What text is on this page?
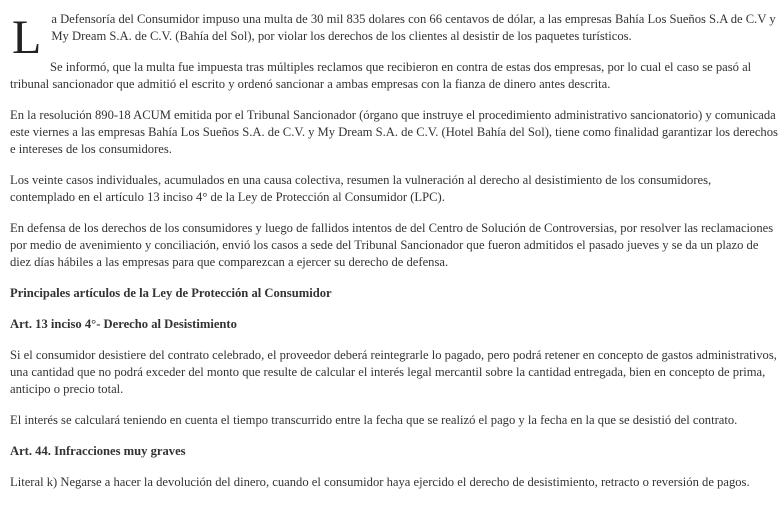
La Defensoría del Consumidor impuso una multa de 30 mil 835 dolares con 66 centavos de dólar, a las empresas Bahía Los Sueños S.A de C.V y My Dream S.A. de C.V. (Bahía del Sol), por violar los derechos de los clientes al desistir de los paquetes turísticos.

Se informó, que la multa fue impuesta tras múltiples reclamos que recibieron en contra de estas dos empresas, por lo cual el caso se pasó al tribunal sancionador que admitió el escrito y ordenó sancionar a ambas empresas con la fianza de dinero antes descrita.

En la resolución 890-18 ACUM emitida por el Tribunal Sancionador (órgano que instruye el procedimiento administrativo sancionatorio) y comunicada este viernes a las empresas Bahía Los Sueños S.A. de C.V. y My Dream S.A. de C.V. (Hotel Bahía del Sol), tiene como finalidad garantizar los derechos e intereses de los consumidores.

Los veinte casos individuales, acumulados en una causa colectiva, resumen la vulneración al derecho al desistimiento de los consumidores, contemplado en el artículo 13 inciso 4° de la Ley de Protección al Consumidor (LPC).

En defensa de los derechos de los consumidores y luego de fallidos intentos de del Centro de Solución de Controversias, por resolver las reclamaciones por medio de avenimiento y conciliación, envió los casos a sede del Tribunal Sancionador que fueron admitidos el pasado jueves y se da un plazo de diez días hábiles a las empresas para que comparezcan a ejercer su derecho de defensa.

Principales artículos de la Ley de Protección al Consumidor

Art. 13 inciso 4°- Derecho al Desistimiento

Si el consumidor desistiere del contrato celebrado, el proveedor deberá reintegrarle lo pagado, pero podrá retener en concepto de gastos administrativos, una cantidad que no podrá exceder del monto que resulte de calcular el interés legal mercantil sobre la cantidad entregada, bien en concepto de prima, anticipo o precio total.

El interés se calculará teniendo en cuenta el tiempo transcurrido entre la fecha que se realizó el pago y la fecha en la que se desistió del contrato.

Art. 44. Infracciones muy graves

Literal k) Negarse a hacer la devolución del dinero, cuando el consumidor haya ejercido el derecho de desistimiento, retracto o reversión de pagos.
